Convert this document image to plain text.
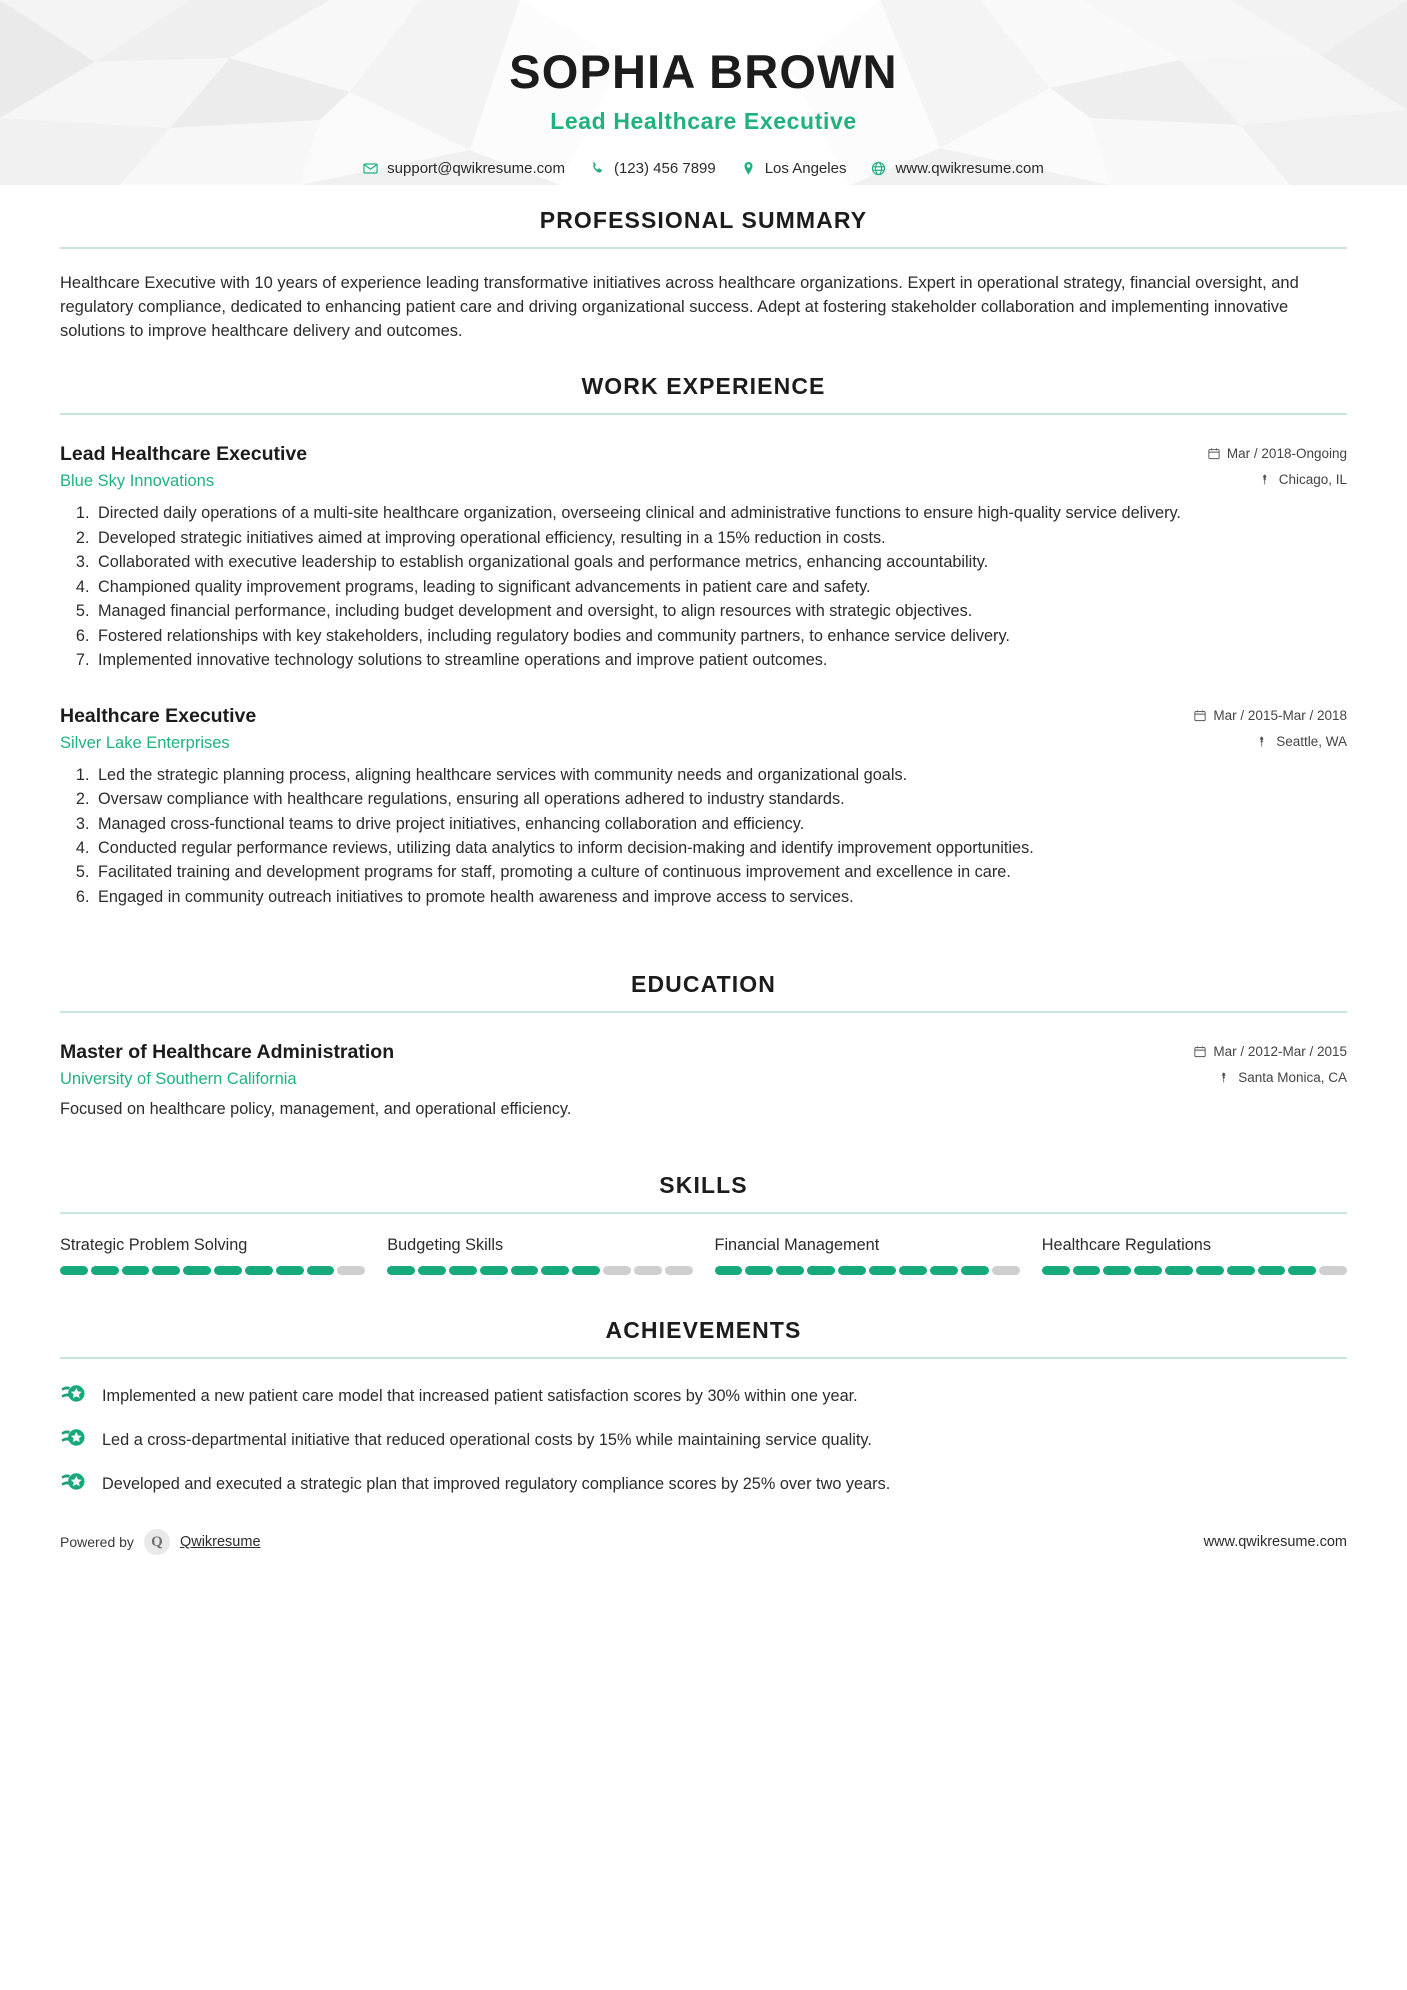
SOPHIA BROWN
Lead Healthcare Executive
support@qwikresume.com	(123) 456 7899	Los Angeles	www.qwikresume.com
PROFESSIONAL SUMMARY
Healthcare Executive with 10 years of experience leading transformative initiatives across healthcare organizations. Expert in operational strategy, financial oversight, and regulatory compliance, dedicated to enhancing patient care and driving organizational success. Adept at fostering stakeholder collaboration and implementing innovative solutions to improve healthcare delivery and outcomes.
WORK EXPERIENCE
Lead Healthcare Executive	Mar / 2018-Ongoing
Blue Sky Innovations	Chicago, IL
1. Directed daily operations of a multi-site healthcare organization, overseeing clinical and administrative functions to ensure high-quality service delivery.
2. Developed strategic initiatives aimed at improving operational efficiency, resulting in a 15% reduction in costs.
3. Collaborated with executive leadership to establish organizational goals and performance metrics, enhancing accountability.
4. Championed quality improvement programs, leading to significant advancements in patient care and safety.
5. Managed financial performance, including budget development and oversight, to align resources with strategic objectives.
6. Fostered relationships with key stakeholders, including regulatory bodies and community partners, to enhance service delivery.
7. Implemented innovative technology solutions to streamline operations and improve patient outcomes.
Healthcare Executive	Mar / 2015-Mar / 2018
Silver Lake Enterprises	Seattle, WA
1. Led the strategic planning process, aligning healthcare services with community needs and organizational goals.
2. Oversaw compliance with healthcare regulations, ensuring all operations adhered to industry standards.
3. Managed cross-functional teams to drive project initiatives, enhancing collaboration and efficiency.
4. Conducted regular performance reviews, utilizing data analytics to inform decision-making and identify improvement opportunities.
5. Facilitated training and development programs for staff, promoting a culture of continuous improvement and excellence in care.
6. Engaged in community outreach initiatives to promote health awareness and improve access to services.
EDUCATION
Master of Healthcare Administration	Mar / 2012-Mar / 2015
University of Southern California	Santa Monica, CA
Focused on healthcare policy, management, and operational efficiency.
SKILLS
Strategic Problem Solving	Budgeting Skills	Financial Management	Healthcare Regulations
ACHIEVEMENTS
Implemented a new patient care model that increased patient satisfaction scores by 30% within one year.
Led a cross-departmental initiative that reduced operational costs by 15% while maintaining service quality.
Developed and executed a strategic plan that improved regulatory compliance scores by 25% over two years.
Powered by	Q	Qwikresume	www.qwikresume.com
